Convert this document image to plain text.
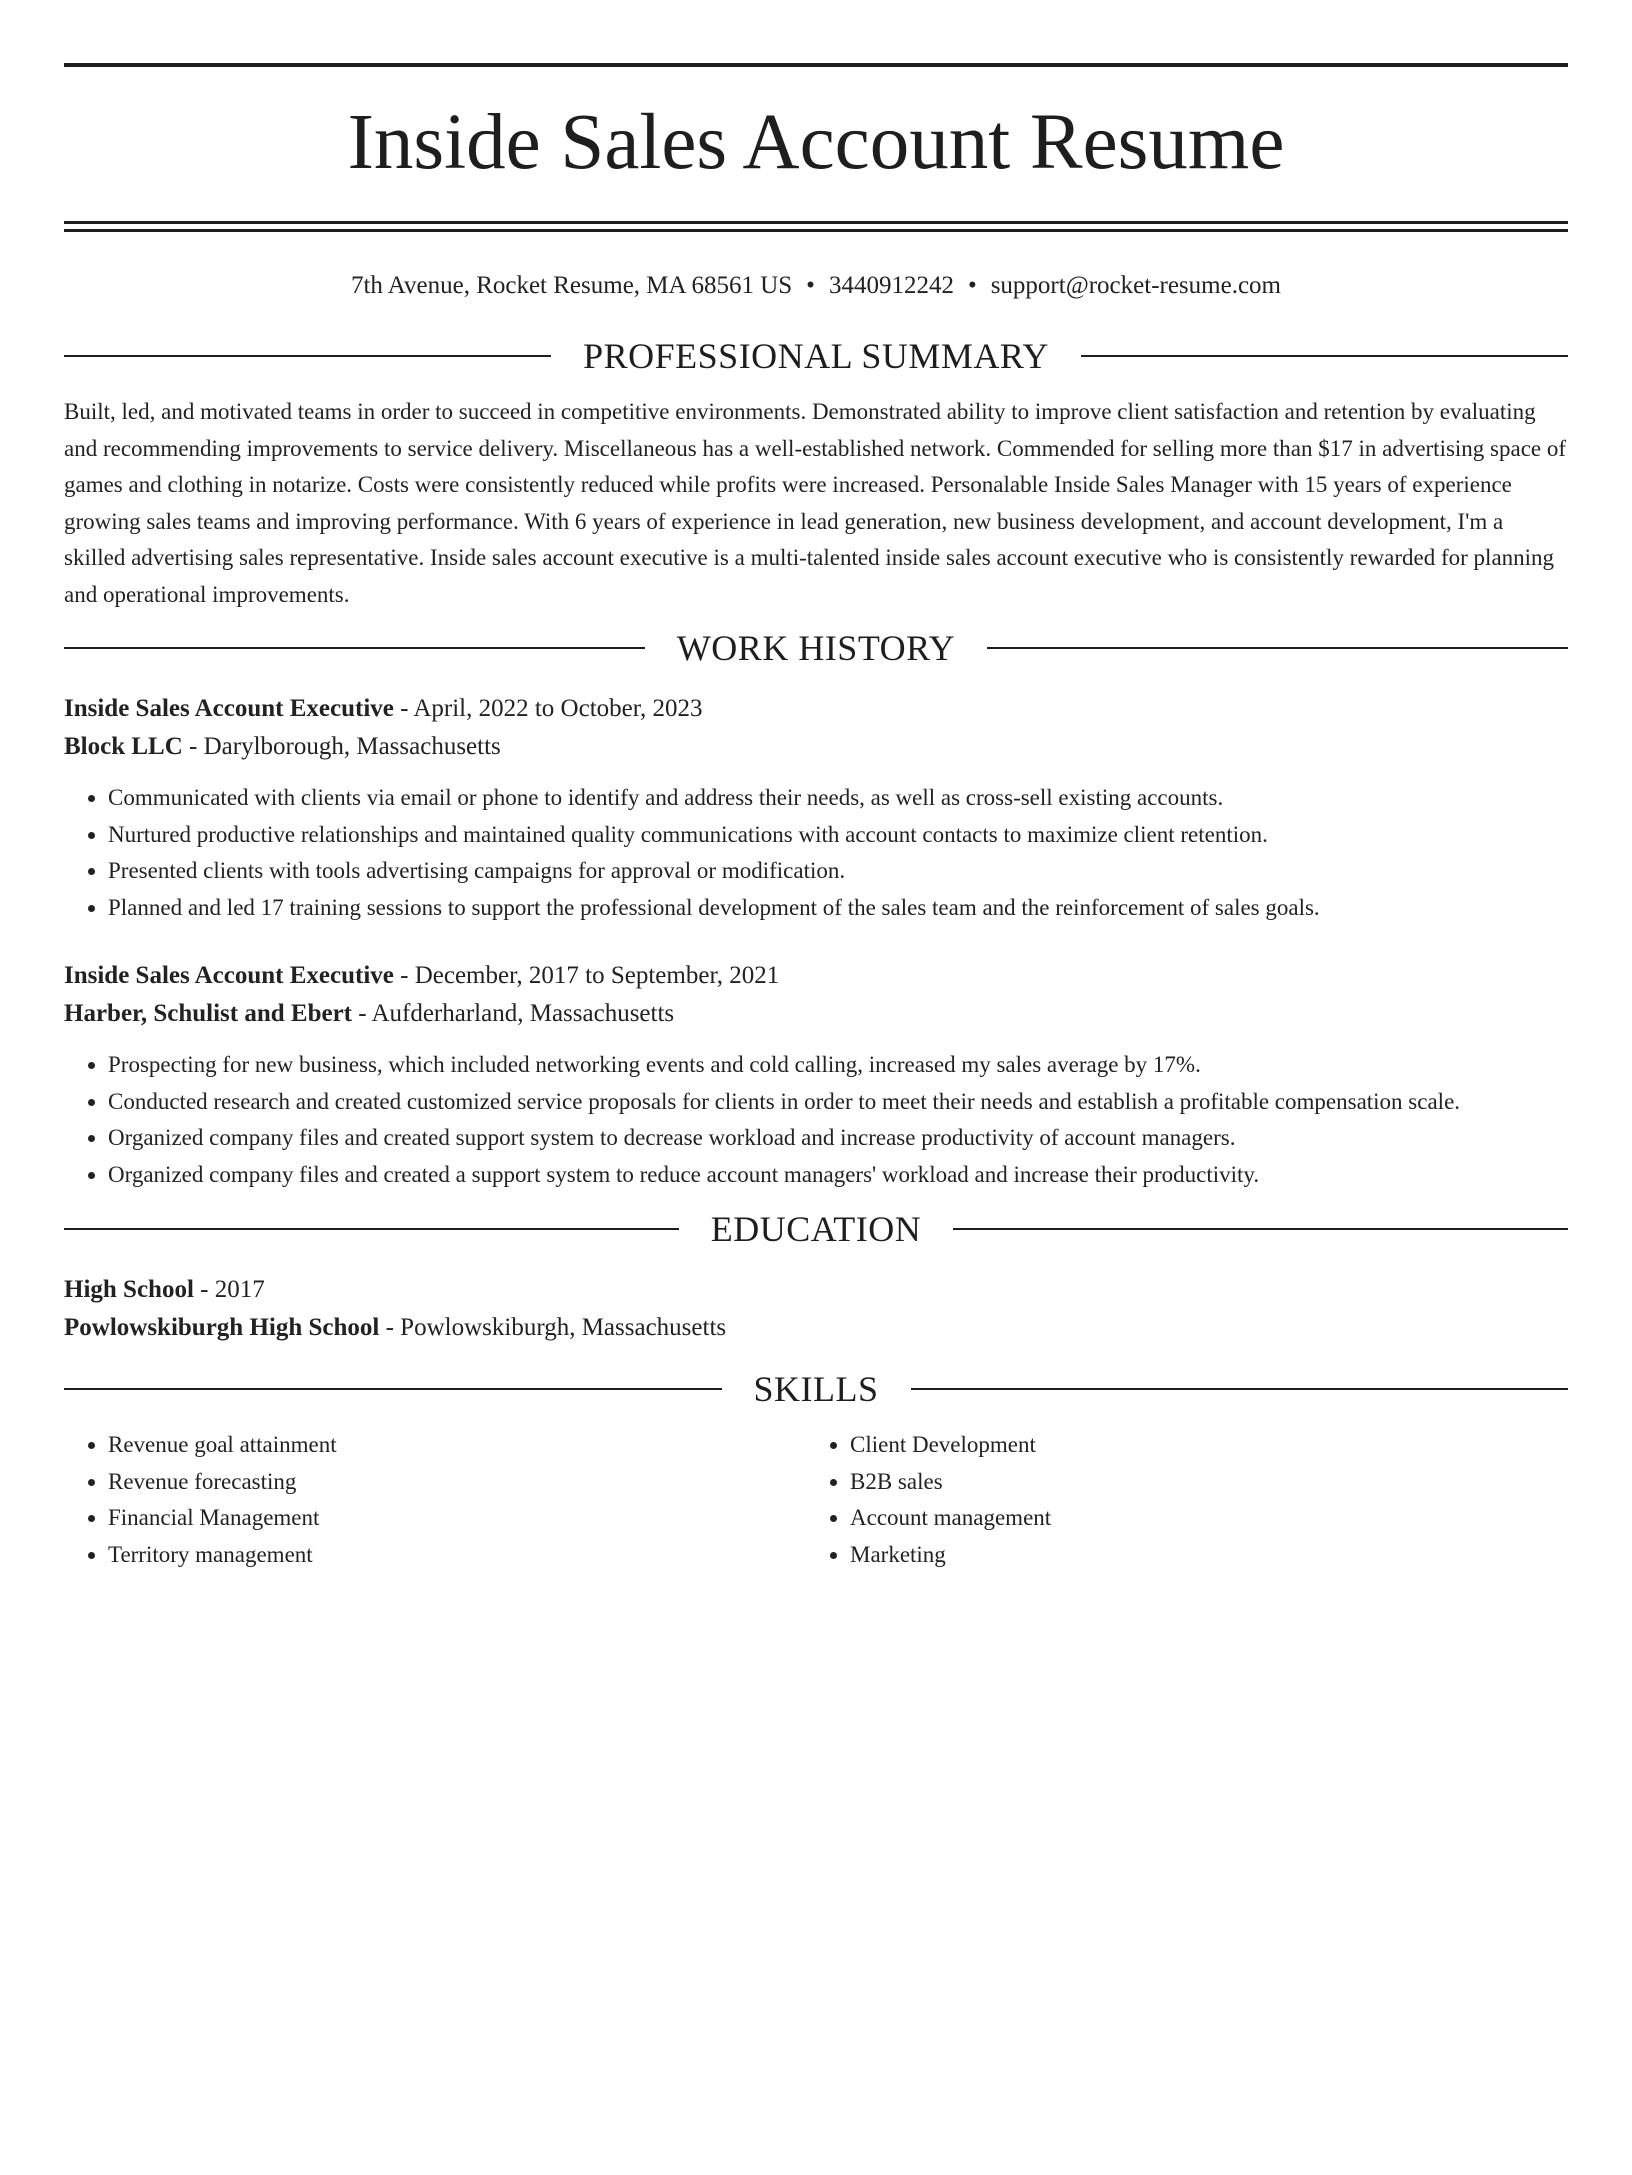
Inside Sales Account Resume
7th Avenue, Rocket Resume, MA 68561 US • 3440912242 • support@rocket-resume.com
PROFESSIONAL SUMMARY

Built, led, and motivated teams in order to succeed in competitive environments. Demonstrated ability to improve client satisfaction and retention by evaluating and recommending improvements to service delivery. Miscellaneous has a well-established network. Commended for selling more than $17 in advertising space of games and clothing in notarize. Costs were consistently reduced while profits were increased. Personalable Inside Sales Manager with 15 years of experience growing sales teams and improving performance. With 6 years of experience in lead generation, new business development, and account development, I'm a skilled advertising sales representative. Inside sales account executive is a multi-talented inside sales account executive who is consistently rewarded for planning and operational improvements.

WORK HISTORY
Inside Sales Account Executive - April, 2022 to October, 2023
Block LLC - Darylborough, Massachusetts
• Communicated with clients via email or phone to identify and address their needs, as well as cross-sell existing accounts.
• Nurtured productive relationships and maintained quality communications with account contacts to maximize client retention.
• Presented clients with tools advertising campaigns for approval or modification.
• Planned and led 17 training sessions to support the professional development of the sales team and the reinforcement of sales goals.
Inside Sales Account Executive - December, 2017 to September, 2021
Harber, Schulist and Ebert - Aufderharland, Massachusetts
• Prospecting for new business, which included networking events and cold calling, increased my sales average by 17%.
• Conducted research and created customized service proposals for clients in order to meet their needs and establish a profitable compensation scale.
• Organized company files and created support system to decrease workload and increase productivity of account managers.
• Organized company files and created a support system to reduce account managers' workload and increase their productivity.
EDUCATION
High School - 2017
Powlowskiburgh High School - Powlowskiburgh, Massachusetts
SKILLS
• Revenue goal attainment
• Revenue forecasting
• Financial Management
• Territory management
• Client Development
• B2B sales
• Account management
• Marketing
